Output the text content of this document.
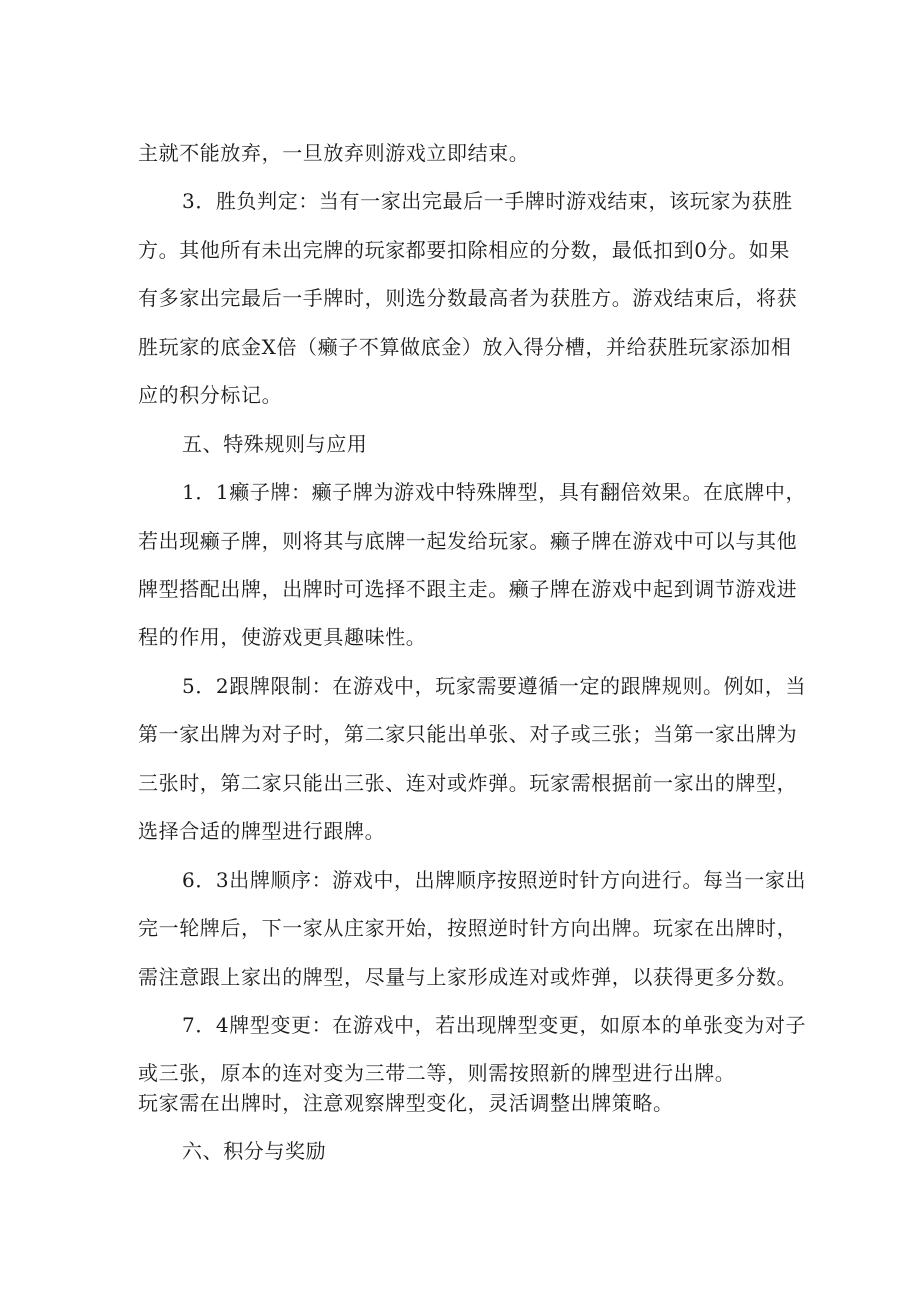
主就不能放弃，一旦放弃则游戏立即结束。
3．胜负判定：当有一家出完最后一手牌时游戏结束，该玩家为获胜
方。其他所有未出完牌的玩家都要扣除相应的分数，最低扣到0分。如果
有多家出完最后一手牌时，则选分数最高者为获胜方。游戏结束后，将获
胜玩家的底金X倍（癞子不算做底金）放入得分槽，并给获胜玩家添加相
应的积分标记。
五、特殊规则与应用
1．1癞子牌：癞子牌为游戏中特殊牌型，具有翻倍效果。在底牌中，
若出现癞子牌，则将其与底牌一起发给玩家。癞子牌在游戏中可以与其他
牌型搭配出牌，出牌时可选择不跟主走。癞子牌在游戏中起到调节游戏进
程的作用，使游戏更具趣味性。
5．2跟牌限制：在游戏中，玩家需要遵循一定的跟牌规则。例如，当
第一家出牌为对子时，第二家只能出单张、对子或三张；当第一家出牌为
三张时，第二家只能出三张、连对或炸弹。玩家需根据前一家出的牌型，
选择合适的牌型进行跟牌。
6．3出牌顺序：游戏中，出牌顺序按照逆时针方向进行。每当一家出
完一轮牌后，下一家从庄家开始，按照逆时针方向出牌。玩家在出牌时，
需注意跟上家出的牌型，尽量与上家形成连对或炸弹，以获得更多分数。
7．4牌型变更：在游戏中，若出现牌型变更，如原本的单张变为对子
或三张，原本的连对变为三带二等，则需按照新的牌型进行出牌。
玩家需在出牌时，注意观察牌型变化，灵活调整出牌策略。
六、积分与奖励
